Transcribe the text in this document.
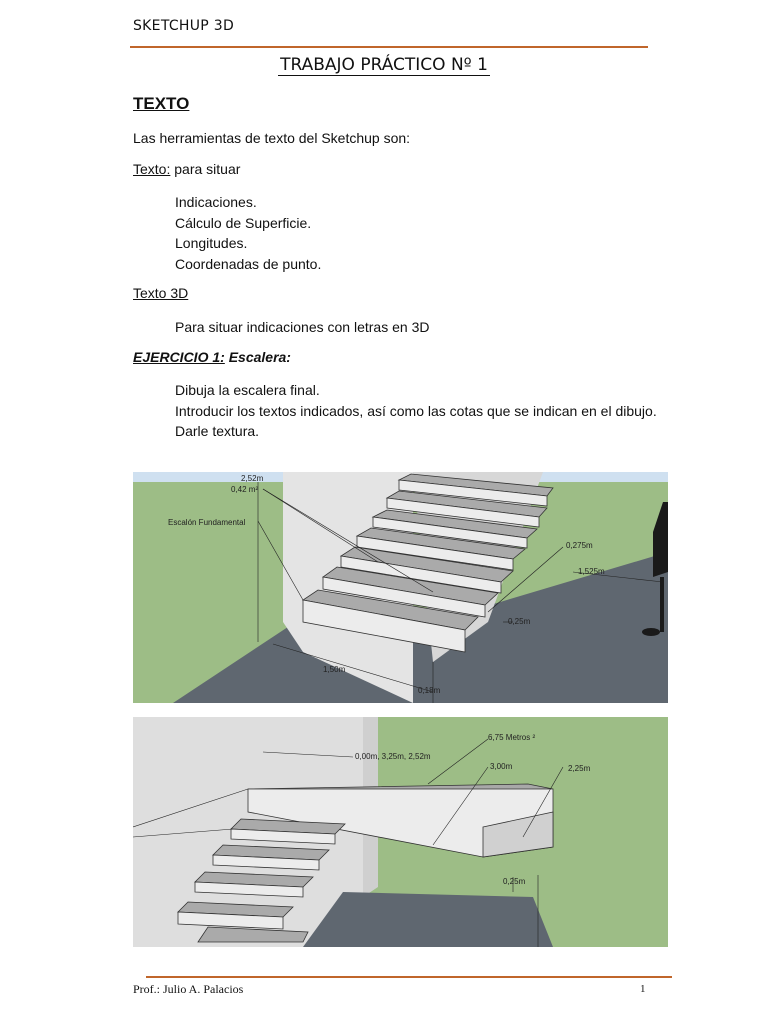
SKETCHUP 3D
TRABAJO PRÁCTICO Nº 1
TEXTO
Las herramientas de texto del Sketchup son:
Texto: para situar
Indicaciones.
Cálculo de Superficie.
Longitudes.
Coordenadas de punto.
Texto 3D
Para situar indicaciones con letras en 3D
EJERCICIO 1: Escalera:
Dibuja la escalera final.
Introducir los textos indicados, así como las cotas que se indican en el dibujo.
Darle textura.
2,52m
0,42 m²
Escalón Fundamental
0,275m
1,525m
0,25m
1,50m
0,18m
6,75 Metros ²
0,00m, 3,25m, 2,52m
3,00m	2,25m
0,25m
Prof.: Julio A. Palacios	1
